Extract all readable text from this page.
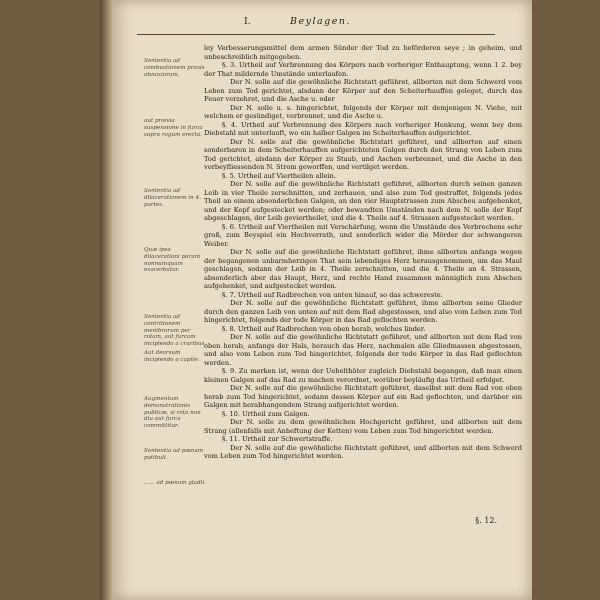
I.	Beylagen.
Sententia ad combustionem pravis obnoxiorum,
aut prævia suspensione in furca supra rogum erecta.
Sententia ad dilacerationem in 4. partes.
Quæ ipsa dilacerationi parum nonnumquam exacerbatur.
Sententia ad contritionem membrorum per rotam, aut furcam incipiendo a cruribus.
Aut deorsum incipiendo a capite.
Augmentum demonstrationis publicæ, si rota non diu aut furca committitur.
Sententia ad pœnam patibuli.
...... ad pœnam gladii.

ley Verbesserungsmittel dem armen Sünder der Tod zu beförderen seye ; in geheim, und unbeschreiblich mitgegeben.

§. 3. Urtheil auf Verbrennung des Körpers nach vorheriger Enthauptung, wenn 1 2. bey der That mildernde Umstände unterlaufen.

Der N. solle auf die gewöhnliche Richtstatt geführet, allborten mit dem Schwerd vom Leben zum Tod gerichtet, alsdann der Körper auf den Scheiterhauffen geleget, durch das Feuer verzehret, und die Asche u. oder

Der N. solle u. s. hingerichtet, folgends der Körper mit demjenigen N. Viehe, mit welchem er gesündiget, verbrennet, und die Asche u.

§. 4. Urtheil auf Verbrennung des Körpers nach vorheriger Henkung, wenn bey dem Diebstahl mit unterlauft, wo ein halber Galgen im Scheiterhauffen aufgerichtet.

Der N. solle auf die gewöhnliche Richtstatt geführet, und allborten auf einen sonderbaren in dem Scheiterhauffen aufgerichteten Galgen durch den Strang von Leben zum Tod gerichtet, alsdann der Körper zu Staub, und Aschen verbrennet, und die Asche in den vorbeyfliessenden N. Strom geworffen, und vertilget werden.

§. 5. Urtheil auf Viertheilen allein.

Der N. solle auf die gewöhnliche Richtstatt geführet, allborten durch seinen ganzen Leib in vier Theile zerschnitten, und zerhauen, und also zum Tod gestraffet, folgends jedes Theil an einem absonderlichen Galgen, an den vier Hauptstrassen zum Abscheu aufgehenket, und der Kopf aufgestecket werden; oder bewandten Umständen nach dem N. solle der Kopf abgeschlagen, der Leib geviertheilet, und die 4. Theile auf 4. Strassen aufgestecket werden.

§. 6. Urtheil auf Viertheilen mit Verschärfung, wenn die Umstände des Verbrechens sehr groß, zum Beyspiel ein Hochverrath, und sonderlich wider die Mörder der schwangeren Weiber.

Der N. solle auf die gewöhnliche Richtstatt geführet, ihme allborten anfangs wegen der begangenen unbarmherzigen That sein lebendiges Herz herausgenommen, um das Maul geschlagen, sodann der Leib in 4. Theile zerschnitten, und die 4. Theile an 4. Strassen, absonderlich aber das Haupt, Herz, und rechte Hand zusammen männiglich zum Abschen aufgehenket, und aufgestecket werden.

§. 7. Urtheil auf Radbrechen von unten hinauf, so das schwereste.

Der N. solle auf die gewöhnliche Richtstatt geführet, ihme allborten seine Glieder durch den ganzen Leib von unten auf mit dem Rad abgestossen, und also vom Leben zum Tod hingerichtet, folgends der tode Körper in das Rad geflochten werden.

§. 8. Urtheil auf Radbrechen von oben herab, welches linder.

Der N. solle auf die gewöhnliche Richtstatt geführet, und allborten mit dem Rad von oben herab, anfangs der Hals, herauch das Herz, nachmalen alle Gliedmassen abgestossen, und also vom Leben zum Tod hingerichtet, folgends der tode Körper in das Rad geflochten werden.

§. 9. Zu merken ist, wenn der Uebelthäter zugleich Diebstahl begangen, daß man einen kleinen Galgen auf das Rad zu machen verordnet, worüber beyläufig das Urtheil erfolget.

Der N. solle auf die gewöhnliche Richtstatt geführet, daselbst mit dem Rad von oben herab zum Tod hingerichtet, sodann dessen Körper auf ein Rad geflochten, und darüber ein Galgen mit herabhangendem Strang aufgerichtet werden.

§. 10. Urtheil zum Galgen.

Der N. solle zu dem gewöhnlichen Hochgericht geführet, und allborten mit dem Strang (allenfalls mit Anheftung der Ketten) vom Leben zum Tod hingerichtet werden.

§. 11. Urtheil zur Schwertstraffe.

Der N. solle auf die gewöhnliche Richtstatt geführet, und allborten mit dem Schwerd vom Leben zum Tod hingerichtet werden.

§. 12.
